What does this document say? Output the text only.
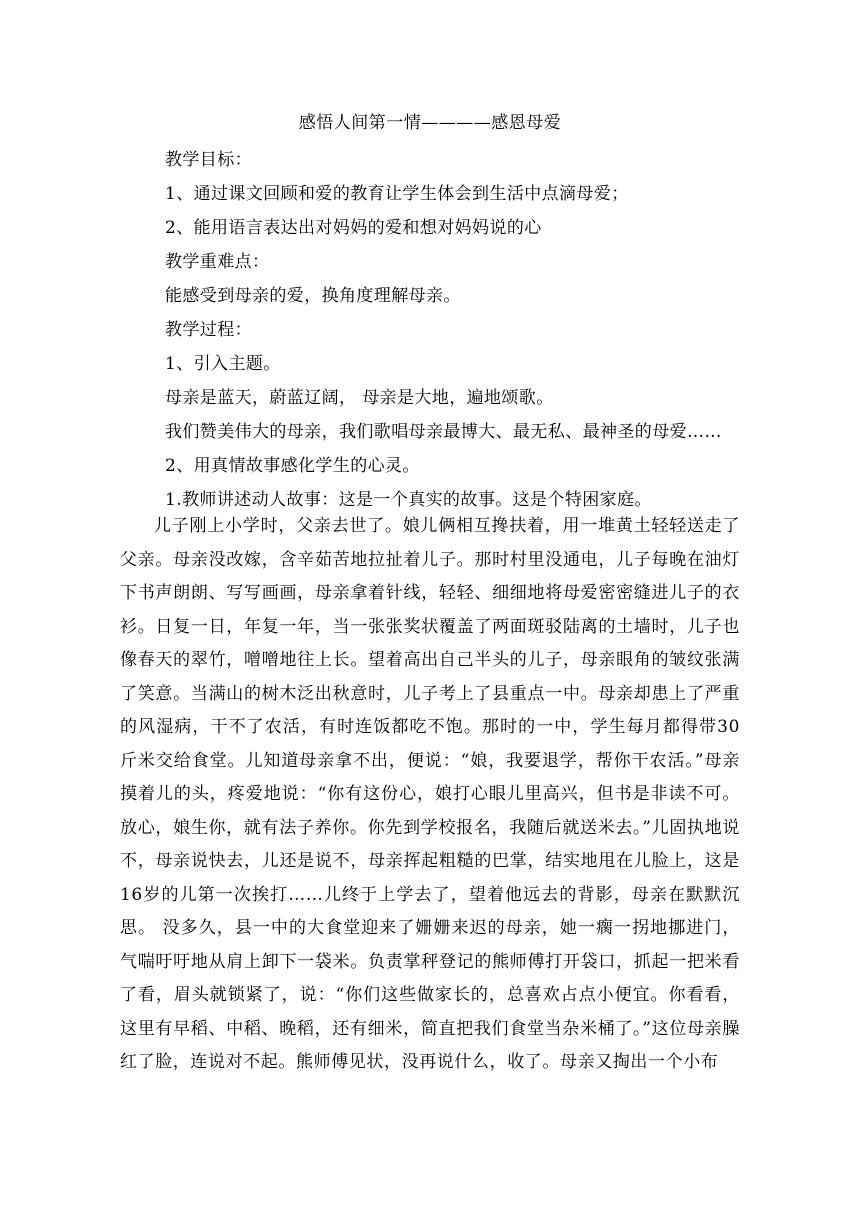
感悟人间第一情————感恩母爱
教学目标：
1、通过课文回顾和爱的教育让学生体会到生活中点滴母爱；
2、能用语言表达出对妈妈的爱和想对妈妈说的心
教学重难点：
能感受到母亲的爱，换角度理解母亲。
教学过程：
1、引入主题。
母亲是蓝天，蔚蓝辽阔， 母亲是大地，遍地颂歌。
我们赞美伟大的母亲，我们歌唱母亲最博大、最无私、最神圣的母爱……
2、用真情故事感化学生的心灵。
1.教师讲述动人故事：这是一个真实的故事。这是个特困家庭。

儿子刚上小学时，父亲去世了。娘儿俩相互搀扶着，用一堆黄土轻轻送走了父亲。母亲没改嫁，含辛茹苦地拉扯着儿子。那时村里没通电，儿子每晚在油灯下书声朗朗、写写画画，母亲拿着针线，轻轻、细细地将母爱密密缝进儿子的衣衫。日复一日，年复一年，当一张张奖状覆盖了两面斑驳陆离的土墙时，儿子也像春天的翠竹，噌噌地往上长。望着高出自己半头的儿子，母亲眼角的皱纹张满了笑意。当满山的树木泛出秋意时，儿子考上了县重点一中。母亲却患上了严重的风湿病，干不了农活，有时连饭都吃不饱。那时的一中，学生每月都得带30斤米交给食堂。儿知道母亲拿不出，便说：“娘，我要退学，帮你干农活。”母亲摸着儿的头，疼爱地说：“你有这份心，娘打心眼儿里高兴，但书是非读不可。放心，娘生你，就有法子养你。你先到学校报名，我随后就送米去。”儿固执地说不，母亲说快去，儿还是说不，母亲挥起粗糙的巴掌，结实地甩在儿脸上，这是16岁的儿第一次挨打……儿终于上学去了，望着他远去的背影，母亲在默默沉思。 没多久，县一中的大食堂迎来了姗姗来迟的母亲，她一瘸一拐地挪进门，气喘吁吁地从肩上卸下一袋米。负责掌秤登记的熊师傅打开袋口，抓起一把米看了看，眉头就锁紧了，说：“你们这些做家长的，总喜欢占点小便宜。你看看，这里有早稻、中稻、晚稻，还有细米，简直把我们食堂当杂米桶了。”这位母亲臊红了脸，连说对不起。熊师傅见状，没再说什么，收了。母亲又掏出一个小布
